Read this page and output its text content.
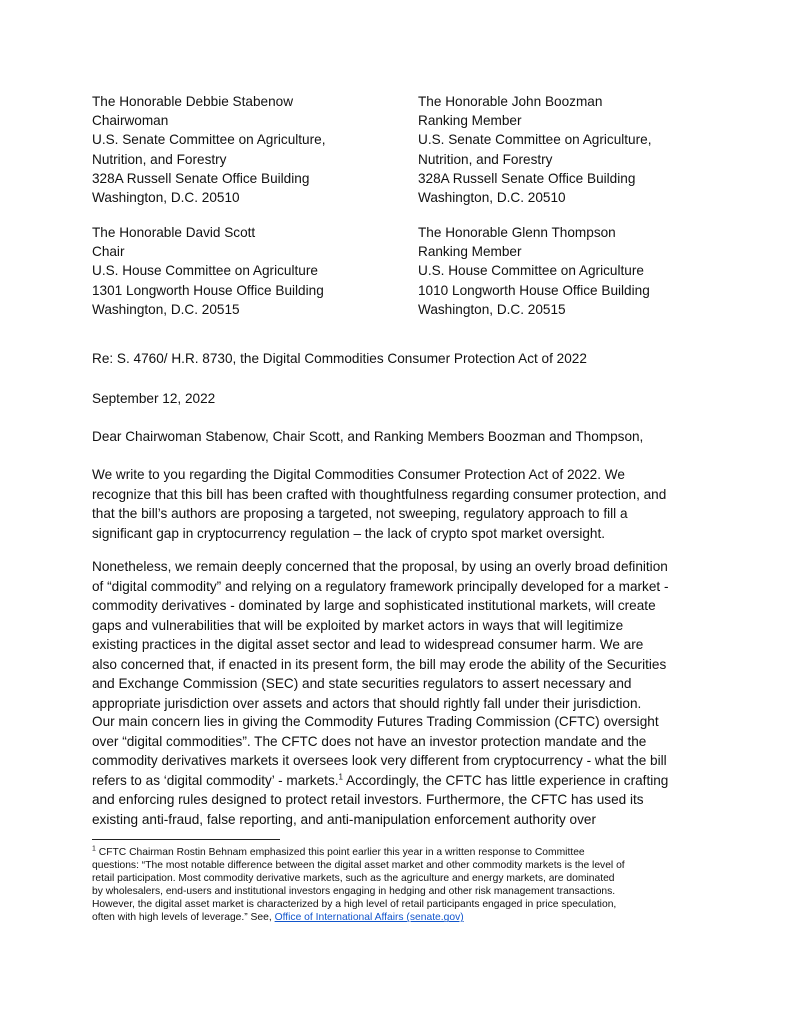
The Honorable Debbie Stabenow
Chairwoman
U.S. Senate Committee on Agriculture,
Nutrition, and Forestry
328A Russell Senate Office Building
Washington, D.C. 20510
The Honorable John Boozman
Ranking Member
U.S. Senate Committee on Agriculture,
Nutrition, and Forestry
328A Russell Senate Office Building
Washington, D.C. 20510
The Honorable David Scott
Chair
U.S. House Committee on Agriculture
1301 Longworth House Office Building
Washington, D.C. 20515
The Honorable Glenn Thompson
Ranking Member
U.S. House Committee on Agriculture
1010 Longworth House Office Building
Washington, D.C. 20515
Re: S. 4760/ H.R. 8730, the Digital Commodities Consumer Protection Act of 2022
September 12, 2022
Dear Chairwoman Stabenow, Chair Scott, and Ranking Members Boozman and Thompson,
We write to you regarding the Digital Commodities Consumer Protection Act of 2022. We
recognize that this bill has been crafted with thoughtfulness regarding consumer protection, and
that the bill’s authors are proposing a targeted, not sweeping, regulatory approach to fill a
significant gap in cryptocurrency regulation – the lack of crypto spot market oversight.
Nonetheless, we remain deeply concerned that the proposal, by using an overly broad definition
of “digital commodity” and relying on a regulatory framework principally developed for a market -
commodity derivatives - dominated by large and sophisticated institutional markets, will create
gaps and vulnerabilities that will be exploited by market actors in ways that will legitimize
existing practices in the digital asset sector and lead to widespread consumer harm. We are
also concerned that, if enacted in its present form, the bill may erode the ability of the Securities
and Exchange Commission (SEC) and state securities regulators to assert necessary and
appropriate jurisdiction over assets and actors that should rightly fall under their jurisdiction.
Our main concern lies in giving the Commodity Futures Trading Commission (CFTC) oversight
over “digital commodities”. The CFTC does not have an investor protection mandate and the
commodity derivatives markets it oversees look very different from cryptocurrency - what the bill
refers to as ‘digital commodity’ - markets.$^1$ Accordingly, the CFTC has little experience in crafting
and enforcing rules designed to protect retail investors. Furthermore, the CFTC has used its
existing anti-fraud, false reporting, and anti-manipulation enforcement authority over
$^1$ CFTC Chairman Rostin Behnam emphasized this point earlier this year in a written response to Committee
questions: “The most notable difference between the digital asset market and other commodity markets is the level of
retail participation. Most commodity derivative markets, such as the agriculture and energy markets, are dominated
by wholesalers, end-users and institutional investors engaging in hedging and other risk management transactions.
However, the digital asset market is characterized by a high level of retail participants engaged in price speculation,
often with high levels of leverage.” See, Office of International Affairs (senate.gov)
